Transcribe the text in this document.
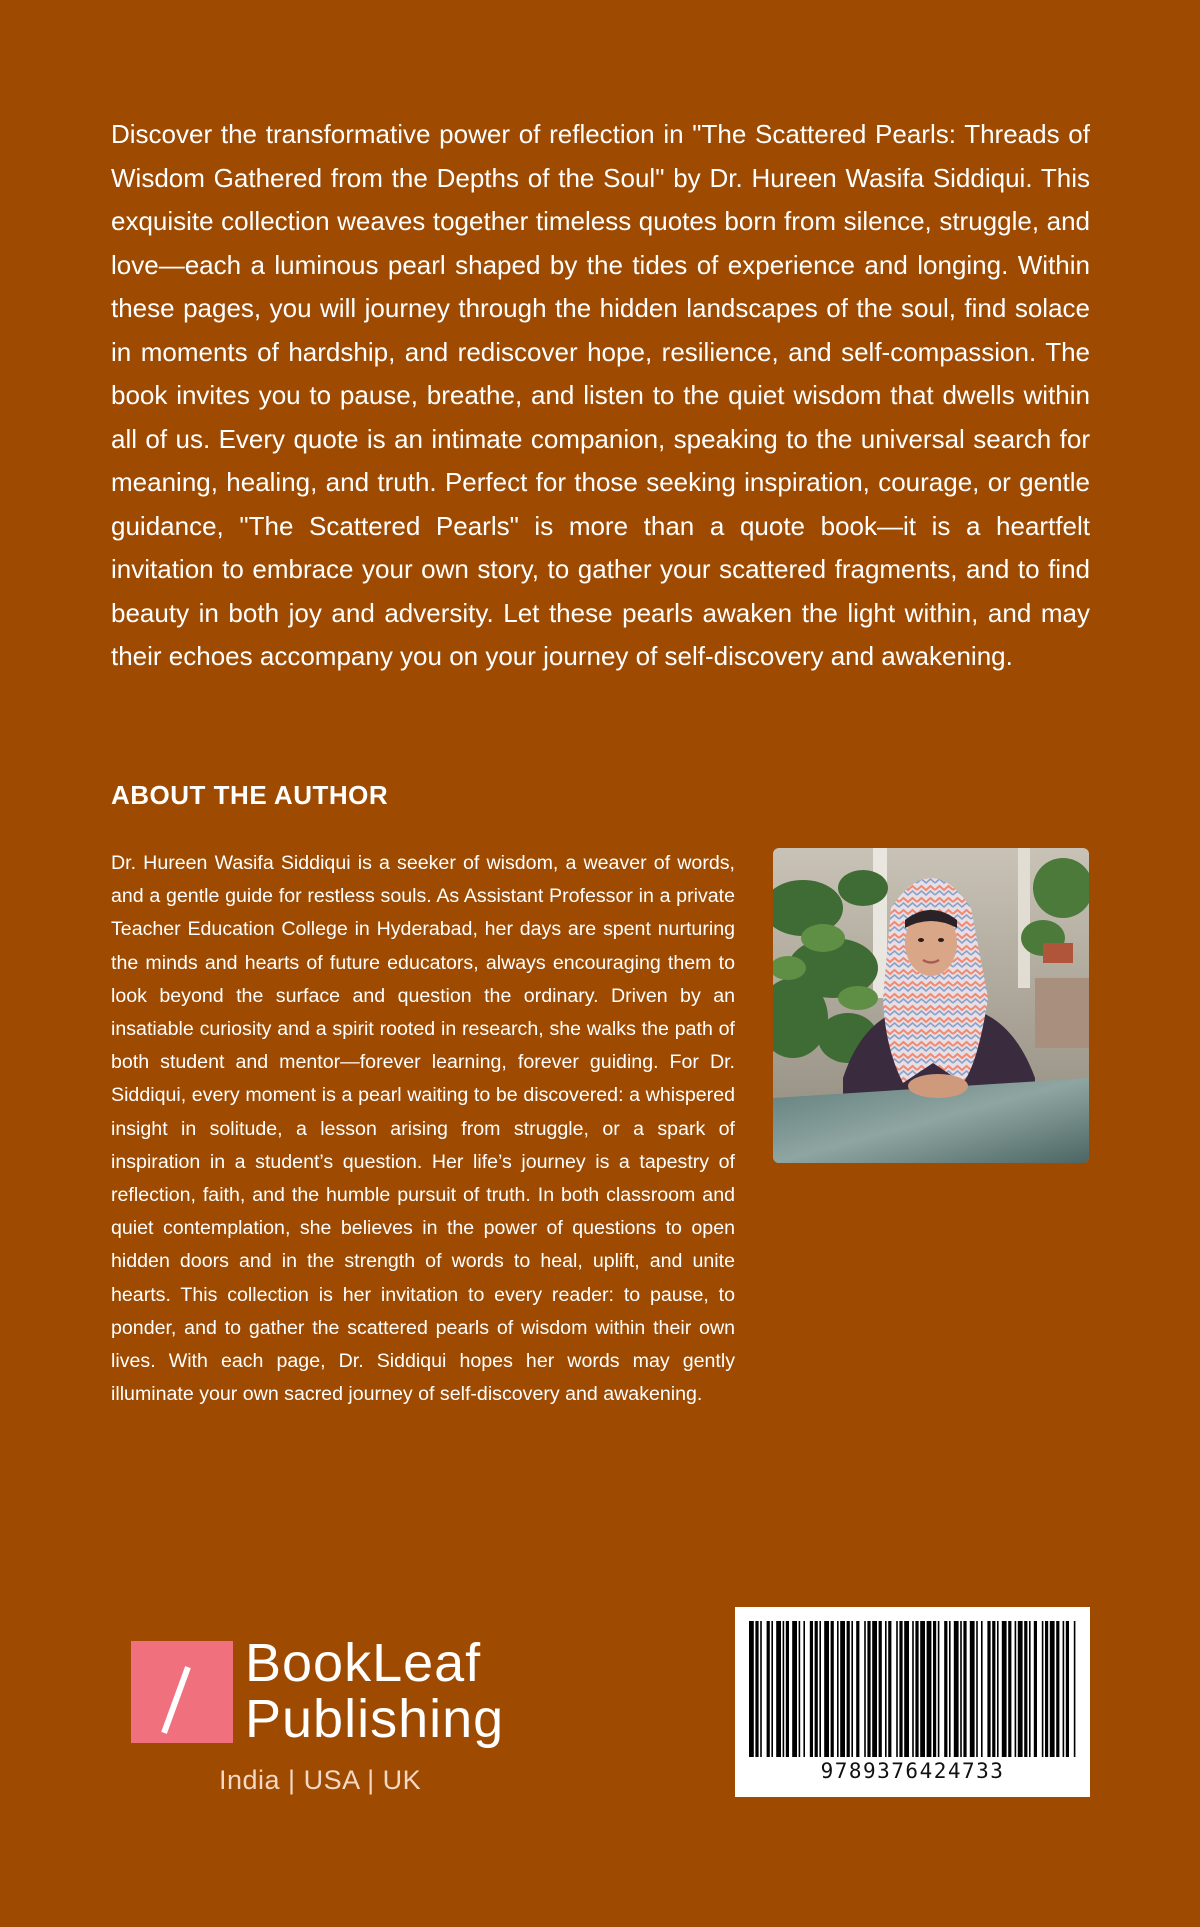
Discover the transformative power of reflection in "The Scattered Pearls: Threads of Wisdom Gathered from the Depths of the Soul" by Dr. Hureen Wasifa Siddiqui. This exquisite collection weaves together timeless quotes born from silence, struggle, and love—each a luminous pearl shaped by the tides of experience and longing. Within these pages, you will journey through the hidden landscapes of the soul, find solace in moments of hardship, and rediscover hope, resilience, and self-compassion. The book invites you to pause, breathe, and listen to the quiet wisdom that dwells within all of us. Every quote is an intimate companion, speaking to the universal search for meaning, healing, and truth. Perfect for those seeking inspiration, courage, or gentle guidance, "The Scattered Pearls" is more than a quote book—it is a heartfelt invitation to embrace your own story, to gather your scattered fragments, and to find beauty in both joy and adversity. Let these pearls awaken the light within, and may their echoes accompany you on your journey of self-discovery and awakening.

ABOUT THE AUTHOR

Dr. Hureen Wasifa Siddiqui is a seeker of wisdom, a weaver of words, and a gentle guide for restless souls. As Assistant Professor in a private Teacher Education College in Hyderabad, her days are spent nurturing the minds and hearts of future educators, always encouraging them to look beyond the surface and question the ordinary. Driven by an insatiable curiosity and a spirit rooted in research, she walks the path of both student and mentor—forever learning, forever guiding. For Dr. Siddiqui, every moment is a pearl waiting to be discovered: a whispered insight in solitude, a lesson arising from struggle, or a spark of inspiration in a student’s question. Her life’s journey is a tapestry of reflection, faith, and the humble pursuit of truth. In both classroom and quiet contemplation, she believes in the power of questions to open hidden doors and in the strength of words to heal, uplift, and unite hearts. This collection is her invitation to every reader: to pause, to ponder, and to gather the scattered pearls of wisdom within their own lives. With each page, Dr. Siddiqui hopes her words may gently illuminate your own sacred journey of self-discovery and awakening.

BookLeaf
Publishing
India | USA | UK	9789376424733
